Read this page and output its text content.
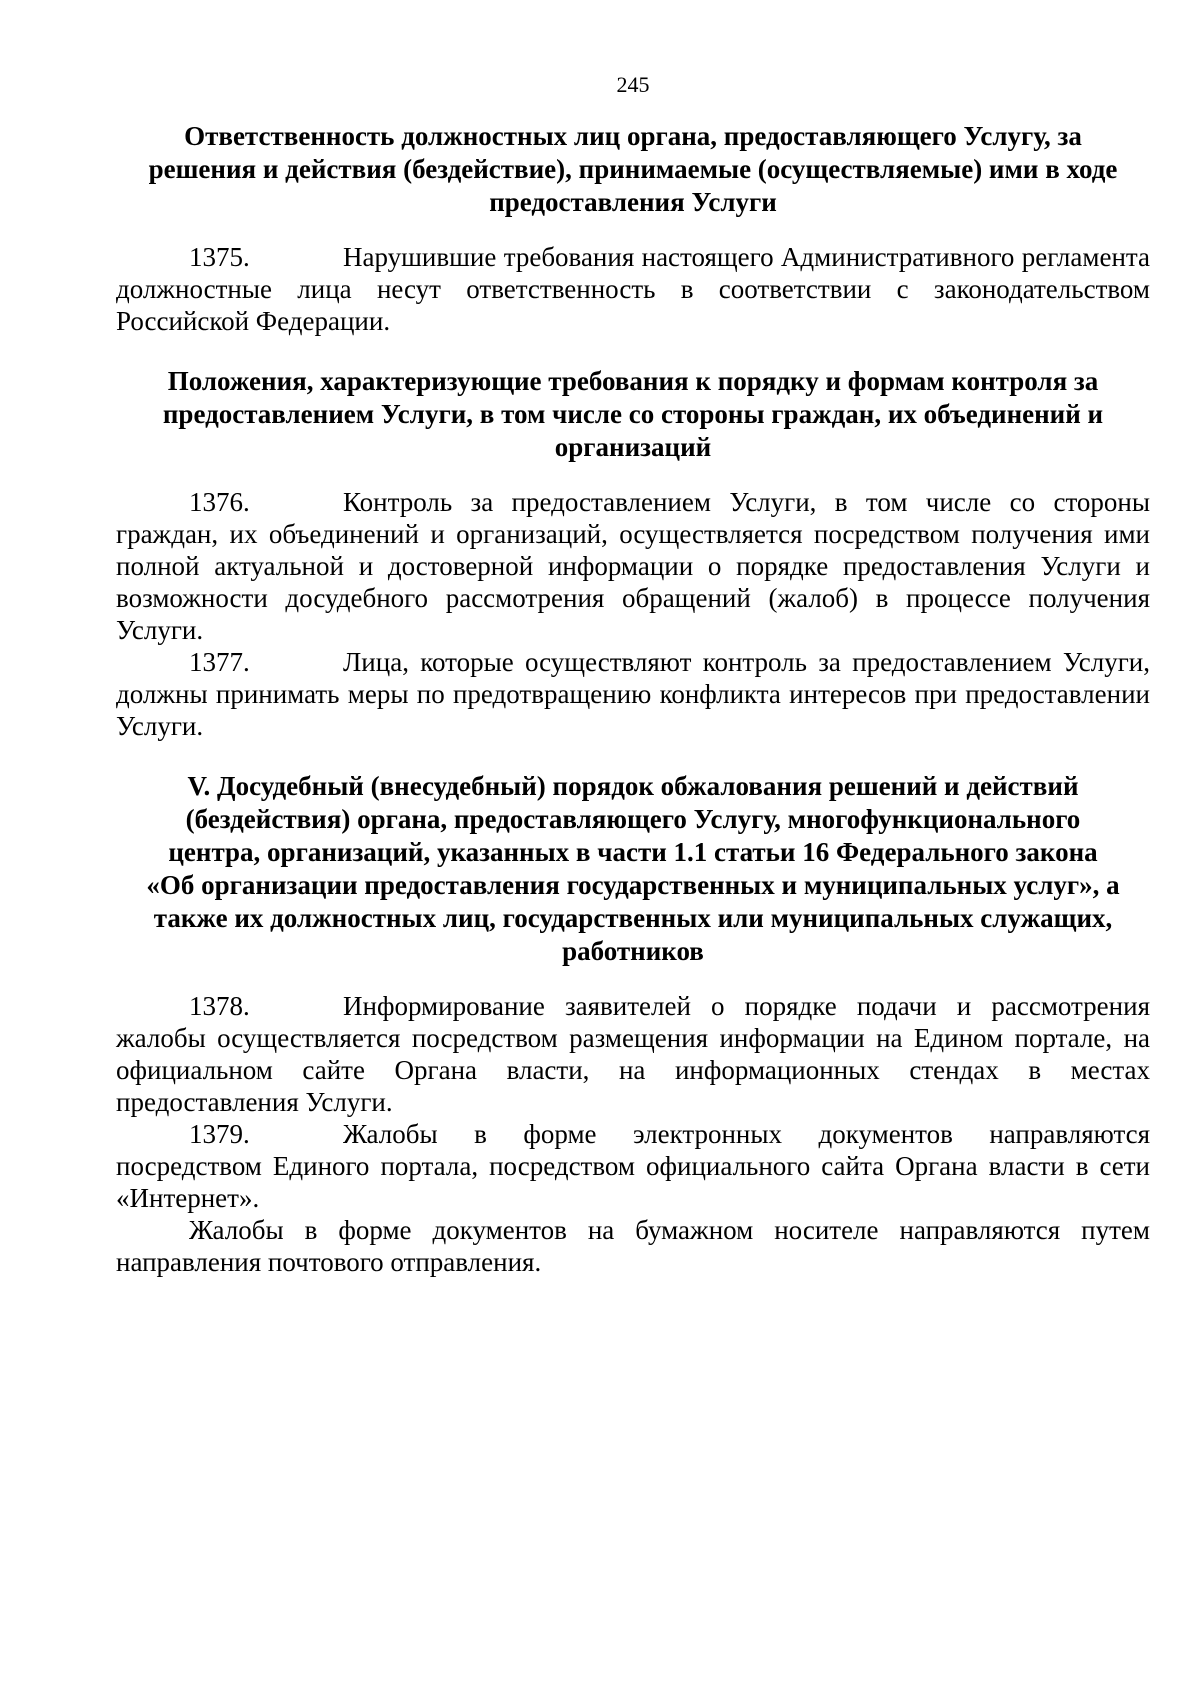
245
Ответственность должностных лиц органа, предоставляющего Услугу, за
решения и действия (бездействие), принимаемые (осуществляемые) ими в ходе
предоставления Услуги

1375.	Нарушившие требования настоящего Административного регламента должностные лица несут ответственность в соответствии с законодательством Российской Федерации.

Положения, характеризующие требования к порядку и формам контроля за
предоставлением Услуги, в том числе со стороны граждан, их объединений и
организаций

1376.	Контроль за предоставлением Услуги, в том числе со стороны граждан, их объединений и организаций, осуществляется посредством получения ими полной актуальной и достоверной информации о порядке предоставления Услуги и возможности досудебного рассмотрения обращений (жалоб) в процессе получения Услуги.

1377.	Лица, которые осуществляют контроль за предоставлением Услуги, должны принимать меры по предотвращению конфликта интересов при предоставлении Услуги.

V. Досудебный (внесудебный) порядок обжалования решений и действий
(бездействия) органа, предоставляющего Услугу, многофункционального
центра, организаций, указанных в части 1.1 статьи 16 Федерального закона
«Об организации предоставления государственных и муниципальных услуг», а
также их должностных лиц, государственных или муниципальных служащих,
работников

1378.	Информирование заявителей о порядке подачи и рассмотрения жалобы осуществляется посредством размещения информации на Едином портале, на официальном сайте Органа власти, на информационных стендах в местах предоставления Услуги.

1379.	Жалобы в форме электронных документов направляются посредством Единого портала, посредством официального сайта Органа власти в сети «Интернет».

Жалобы в форме документов на бумажном носителе направляются путем направления почтового отправления.
